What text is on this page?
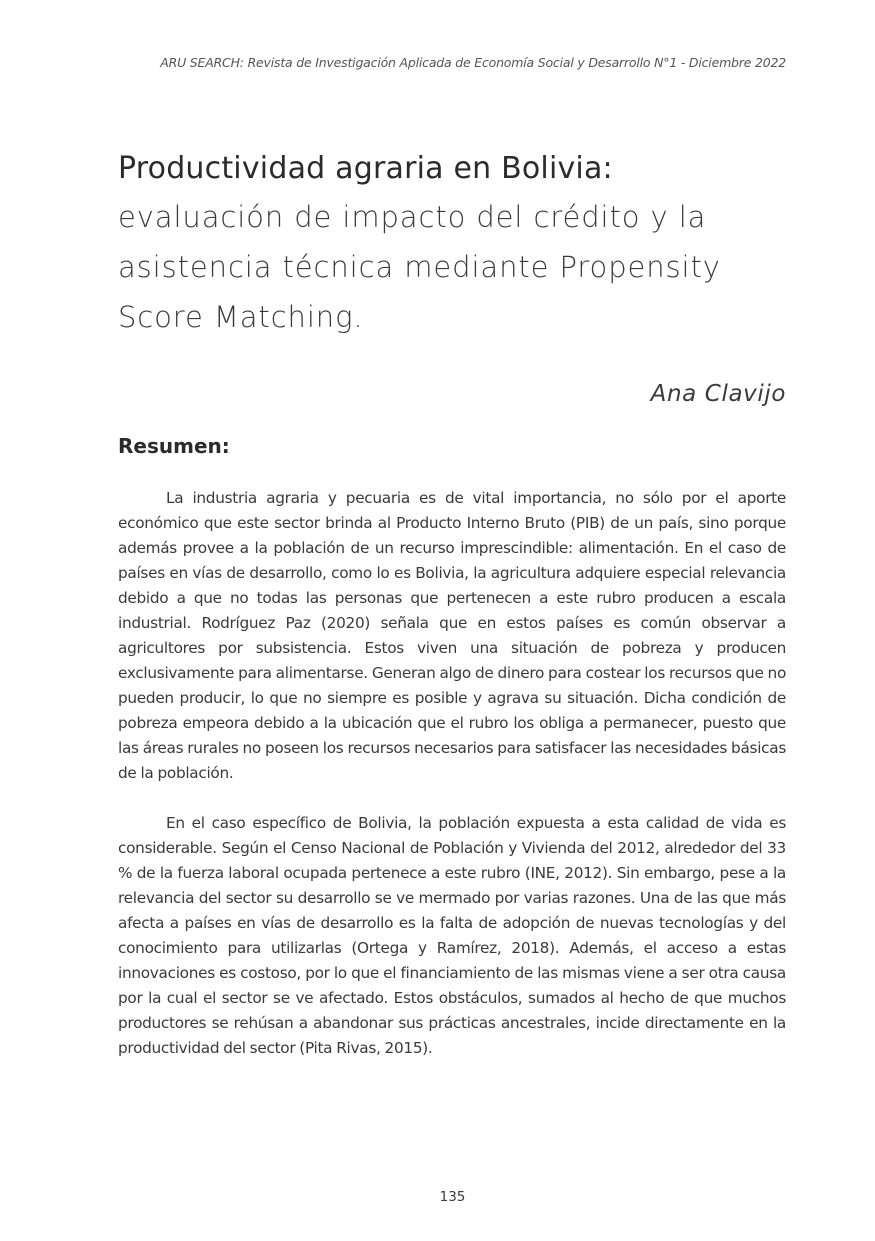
ARU SEARCH: Revista de Investigación Aplicada de Economía Social y Desarrollo N°1 - Diciembre 2022
Productividad agraria en Bolivia:

evaluación de impacto del crédito y la asistencia técnica mediante Propensity Score Matching.

Ana Clavijo
Resumen:

La industria agraria y pecuaria es de vital importancia, no sólo por el aporte económico que este sector brinda al Producto Interno Bruto (PIB) de un país, sino porque además provee a la población de un recurso imprescindible: alimentación. En el caso de países en vías de desarrollo, como lo es Bolivia, la agricultura adquiere especial relevancia debido a que no todas las personas que pertenecen a este rubro producen a escala industrial. Rodríguez Paz (2020) señala que en estos países es común observar a agricultores por subsistencia. Estos viven una situación de pobreza y producen exclusivamente para alimentarse. Generan algo de dinero para costear los recursos que no pueden producir, lo que no siempre es posible y agrava su situación. Dicha condición de pobreza empeora debido a la ubicación que el rubro los obliga a permanecer, puesto que las áreas rurales no poseen los recursos necesarios para satisfacer las necesidades básicas de la población.

En el caso específico de Bolivia, la población expuesta a esta calidad de vida es considerable. Según el Censo Nacional de Población y Vivienda del 2012, alrededor del 33 % de la fuerza laboral ocupada pertenece a este rubro (INE, 2012). Sin embargo, pese a la relevancia del sector su desarrollo se ve mermado por varias razones. Una de las que más afecta a países en vías de desarrollo es la falta de adopción de nuevas tecnologías y del conocimiento para utilizarlas (Ortega y Ramírez, 2018). Además, el acceso a estas innovaciones es costoso, por lo que el financiamiento de las mismas viene a ser otra causa por la cual el sector se ve afectado. Estos obstáculos, sumados al hecho de que muchos productores se rehúsan a abandonar sus prácticas ancestrales, incide directamente en la productividad del sector (Pita Rivas, 2015).

135
